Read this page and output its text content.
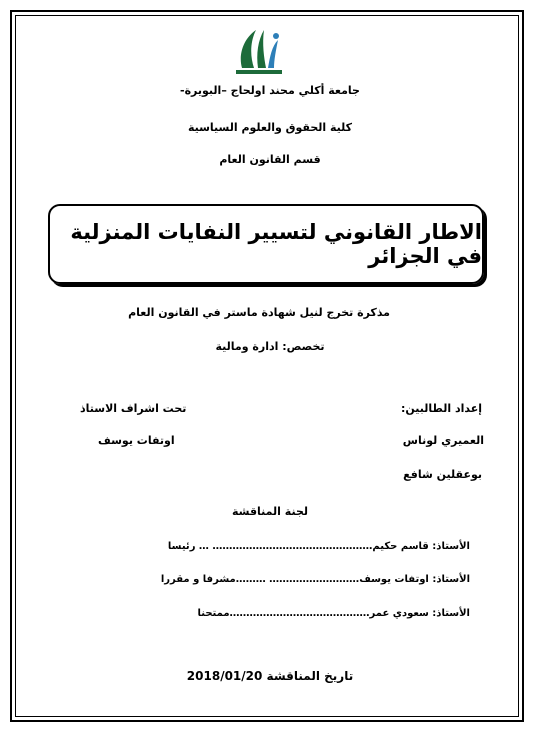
جامعة أكلي محند اولحاج –البويرة-
كلية الحقوق والعلوم السياسية
قسم القانون العام
الاطار القانوني لتسيير النفايات المنزلية في الجزائر
مذكرة تخرج لنيل شهادة ماستر في القانون العام
تخصص: ادارة ومالية
إعداد الطالبين:
تحت اشراف الاستاذ
العميري لوناس
اوتفات يوسف
بوعقلين شافع
لجنة المناقشة
الأستاذ: قاسم حكيم………………………………………… … رئيسا
الأستاذ: اوتفات يوسف……………………… ………مشرفا و مقررا
الأستاذ: سعودي عمر……………………………………ممتحنا
تاريخ المناقشة 2018/01/20
